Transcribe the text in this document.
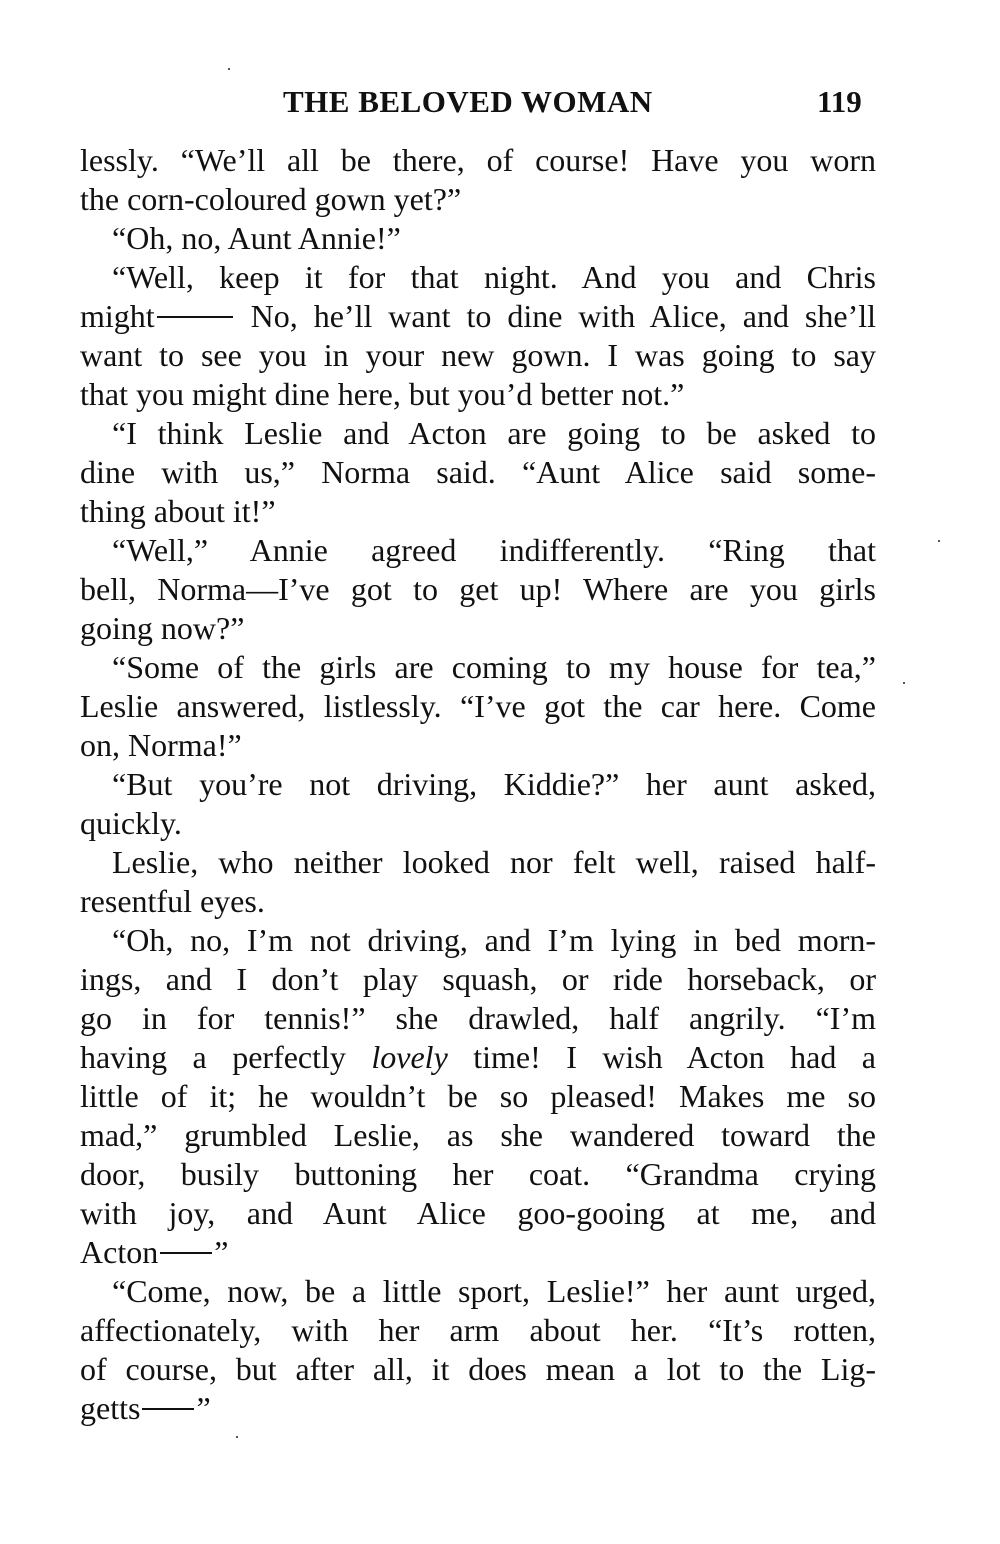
THE BELOVED WOMAN	119
lessly. “We’ll all be there, of course! Have you worn
the corn-coloured gown yet?”
“Oh, no, Aunt Annie!”
“Well, keep it for that night. And you and Chris
might	No, he’ll want to dine with Alice, and she’ll
want to see you in your new gown. I was going to say
that you might dine here, but you’d better not.”
“I think Leslie and Acton are going to be asked to
dine with us,” Norma said. “Aunt Alice said some-
thing about it!”
“Well,” Annie agreed indifferently. “Ring that
bell, Norma—I’ve got to get up! Where are you girls
going now?”
“Some of the girls are coming to my house for tea,”
Leslie answered, listlessly. “I’ve got the car here. Come
on, Norma!”
“But you’re not driving, Kiddie?” her aunt asked,
quickly.
Leslie, who neither looked nor felt well, raised half-
resentful eyes.
“Oh, no, I’m not driving, and I’m lying in bed morn-
ings, and I don’t play squash, or ride horseback, or
go in for tennis!” she drawled, half angrily. “I’m
having a perfectly lovely time! I wish Acton had a
little of it; he wouldn’t be so pleased! Makes me so
mad,” grumbled Leslie, as she wandered toward the
door, busily buttoning her coat. “Grandma crying
with joy, and Aunt Alice goo-gooing at me, and
Acton ”
“Come, now, be a little sport, Leslie!” her aunt urged,
affectionately, with her arm about her. “It’s rotten,
of course, but after all, it does mean a lot to the Lig-
getts ”
